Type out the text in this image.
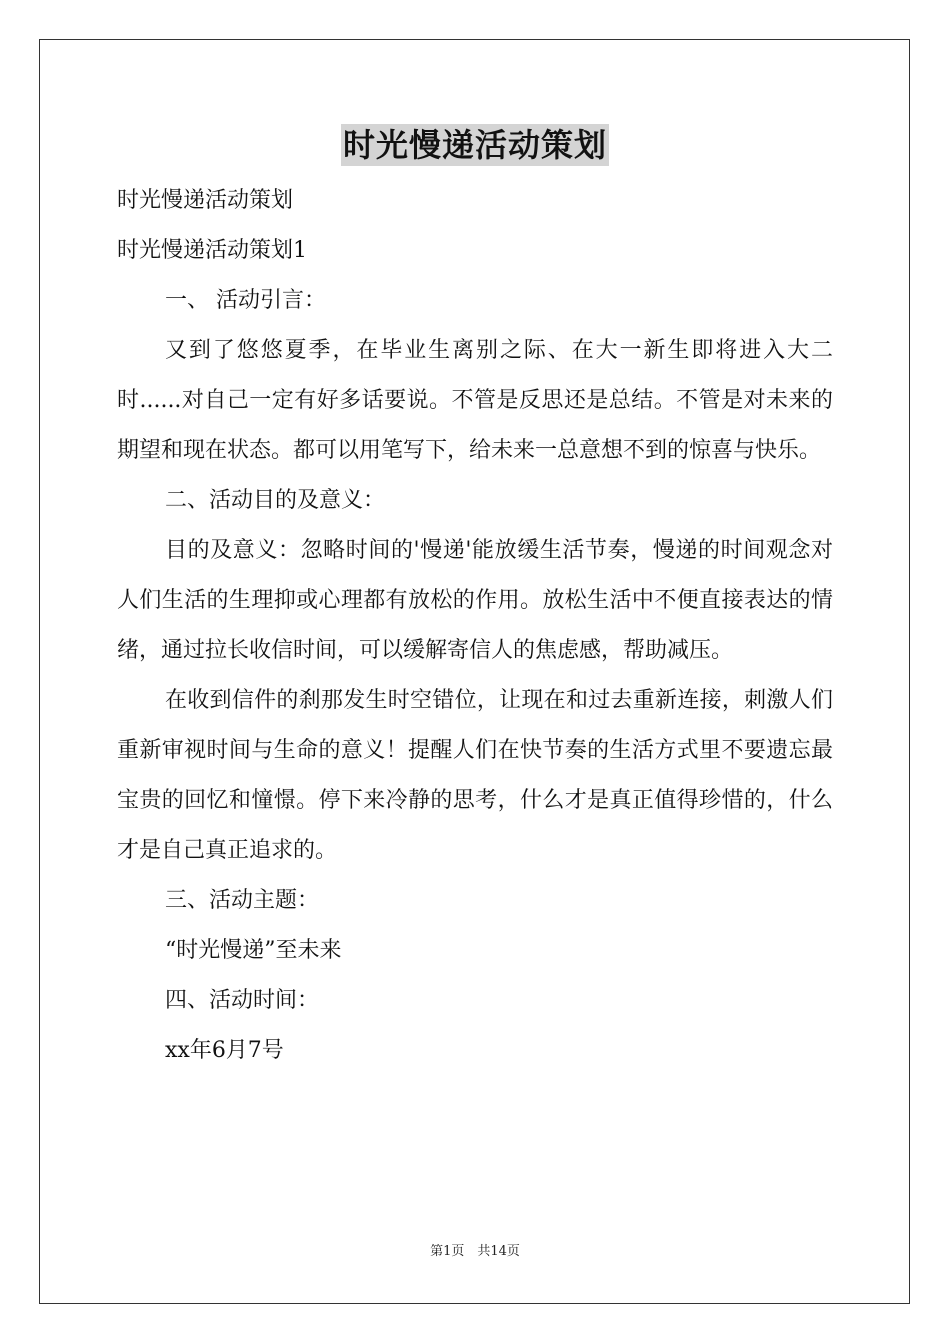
时光慢递活动策划

时光慢递活动策划

时光慢递活动策划1

一、 活动引言：

又到了悠悠夏季，在毕业生离别之际、在大一新生即将进入大二时......对自己一定有好多话要说。不管是反思还是总结。不管是对未来的期望和现在状态。都可以用笔写下，给未来一总意想不到的惊喜与快乐。

二、活动目的及意义：

目的及意义：忽略时间的'慢递'能放缓生活节奏，慢递的时间观念对人们生活的生理抑或心理都有放松的作用。放松生活中不便直接表达的情绪，通过拉长收信时间，可以缓解寄信人的焦虑感，帮助减压。

在收到信件的刹那发生时空错位，让现在和过去重新连接，刺激人们重新审视时间与生命的意义！提醒人们在快节奏的生活方式里不要遗忘最宝贵的回忆和憧憬。停下来冷静的思考，什么才是真正值得珍惜的，什么才是自己真正追求的。

三、活动主题：

“时光慢递”至未来

四、活动时间：

xx年6月7号

第1页　共14页
